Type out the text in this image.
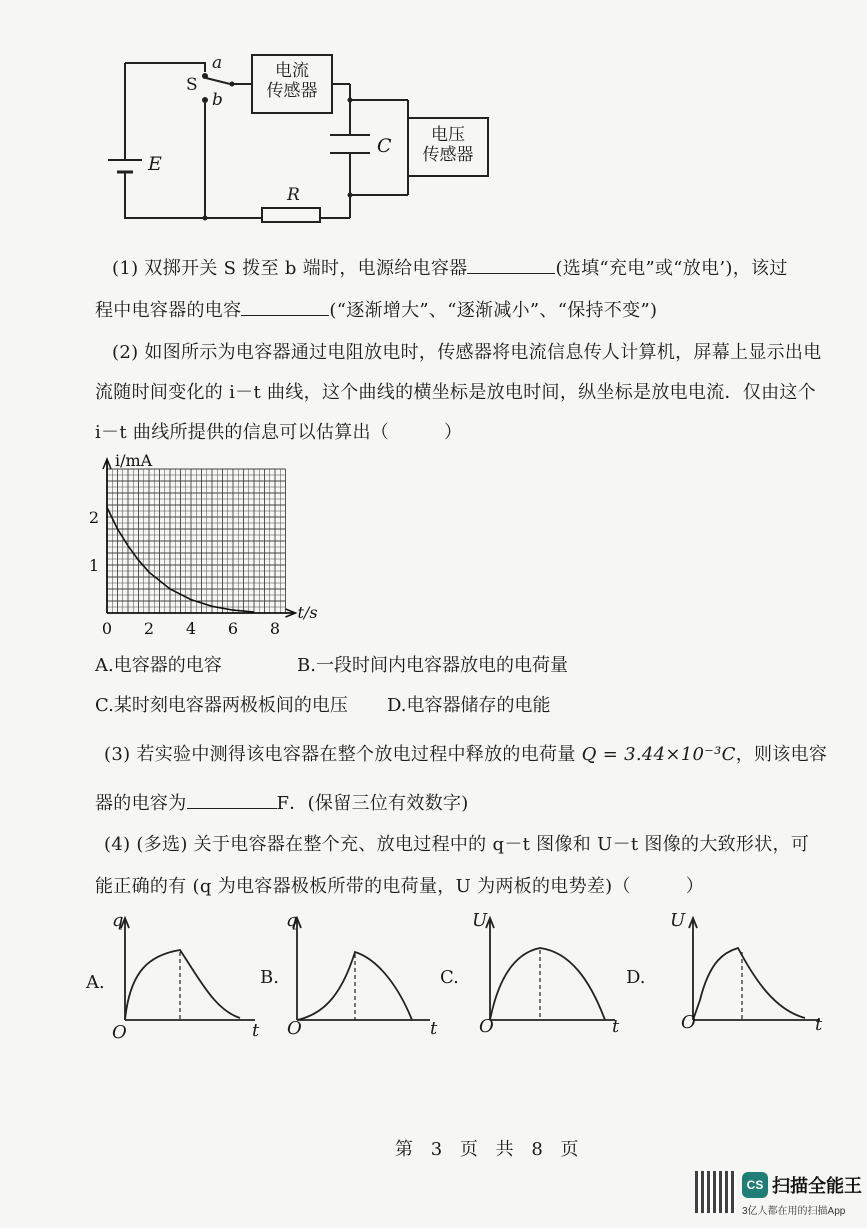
S
a
b
电流
传感器
电压
传感器
C
E
R
(1) 双掷开关 S 拨至 b 端时，电源给电容器	(选填“充电”或“放电’)，该过
程中电容器的电容	(“逐渐增大”、“逐渐减小”、“保持不变”)
(2) 如图所示为电容器通过电阻放电时，传感器将电流信息传人计算机，屏幕上显示出电
流随时间变化的 i－t 曲线，这个曲线的横坐标是放电时间，纵坐标是放电电流．仅由这个
i－t 曲线所提供的信息可以估算出（　　　）
0 2 4 6 8
1
2
i/mA
t/s
A.电容器的电容	B.一段时间内电容器放电的电荷量
C.某时刻电容器两极板间的电压 D.电容器储存的电能
(3) 若实验中测得该电容器在整个放电过程中释放的电荷量 Q = 3.44×10⁻³C，则该电容
器的电容为	F．(保留三位有效数字)
(4) (多选) 关于电容器在整个充、放电过程中的 q－t 图像和 U－t 图像的大致形状，可
能正确的有 (q 为电容器极板所带的电荷量，U 为两板的电势差)（　　　）
A.
q
O	t
B.
q
O	t
C.
U
O	t
D.
U
O	t
第 3 页 共 8 页
CS 扫描全能王
3亿人都在用的扫描App
